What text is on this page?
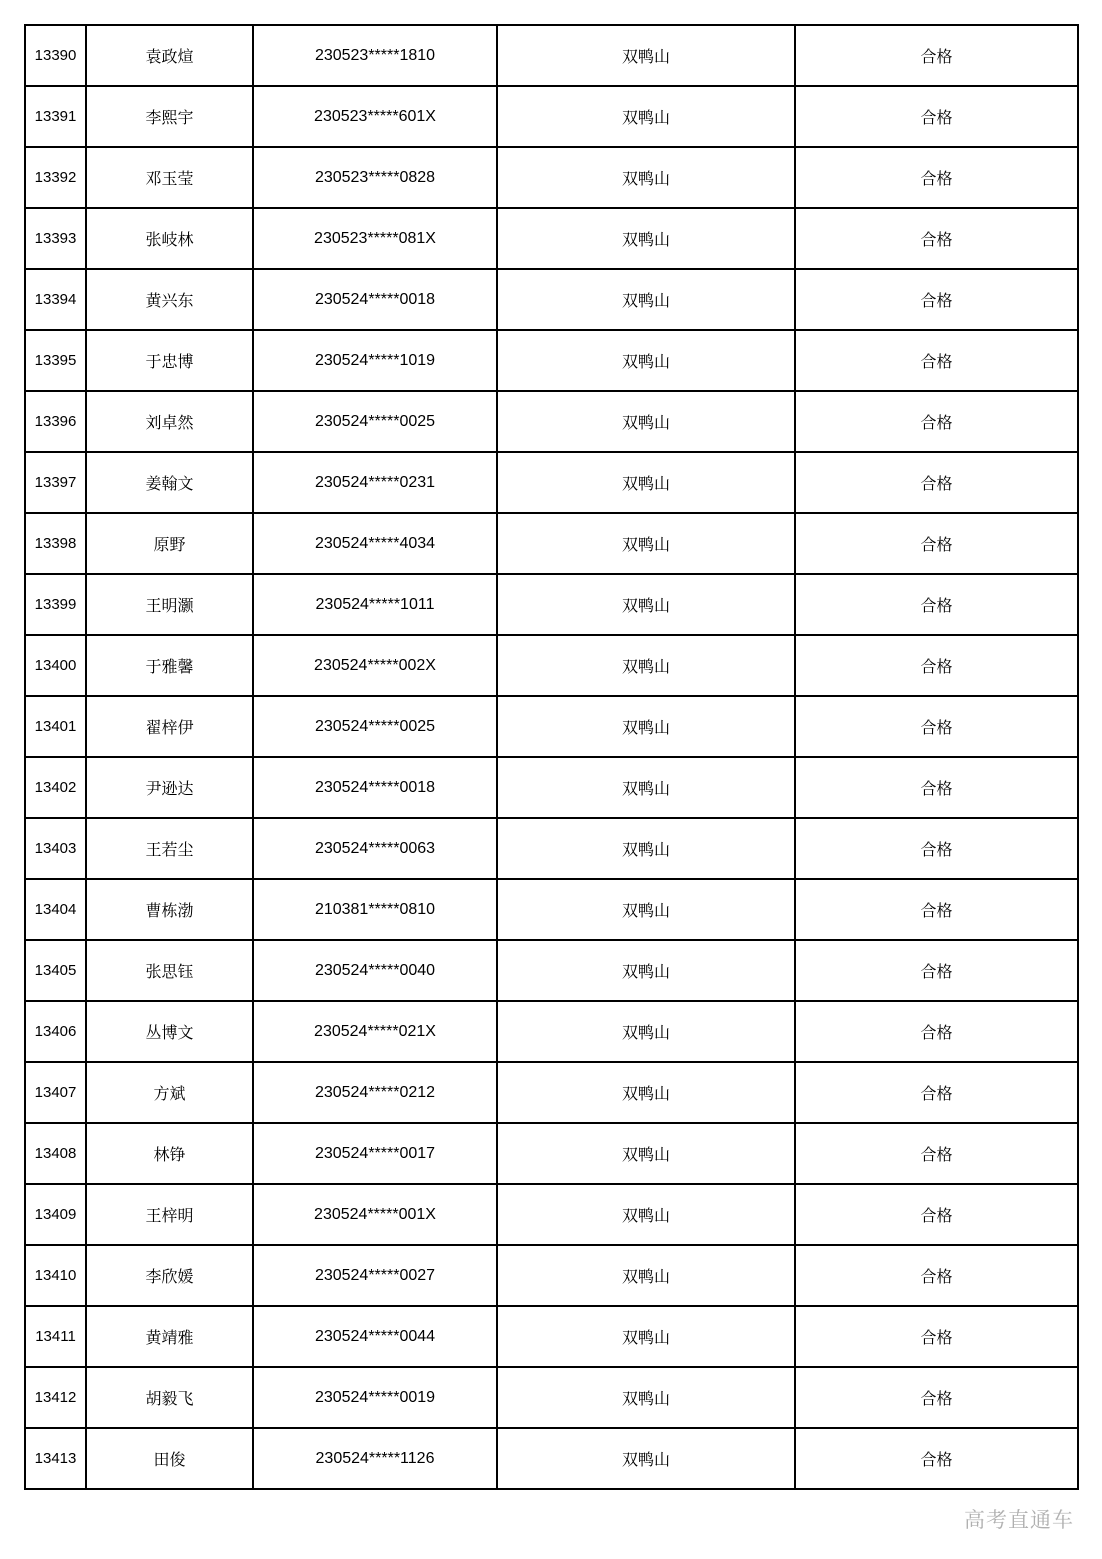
13390	袁政煊	230523*****1810	双鸭山	合格
13391	李熙宇	230523*****601X	双鸭山	合格
13392	邓玉莹	230523*****0828	双鸭山	合格
13393	张岐林	230523*****081X	双鸭山	合格
13394	黄兴东	230524*****0018	双鸭山	合格
13395	于忠博	230524*****1019	双鸭山	合格
13396	刘卓然	230524*****0025	双鸭山	合格
13397	姜翰文	230524*****0231	双鸭山	合格
13398	原野	230524*****4034	双鸭山	合格
13399	王明灏	230524*****1011	双鸭山	合格
13400	于雅馨	230524*****002X	双鸭山	合格
13401	翟梓伊	230524*****0025	双鸭山	合格
13402	尹逊达	230524*****0018	双鸭山	合格
13403	王若尘	230524*****0063	双鸭山	合格
13404	曹栋渤	210381*****0810	双鸭山	合格
13405	张思钰	230524*****0040	双鸭山	合格
13406	丛博文	230524*****021X	双鸭山	合格
13407	方斌	230524*****0212	双鸭山	合格
13408	林铮	230524*****0017	双鸭山	合格
13409	王梓明	230524*****001X	双鸭山	合格
13410	李欣媛	230524*****0027	双鸭山	合格
13411	黄靖雅	230524*****0044	双鸭山	合格
13412	胡毅飞	230524*****0019	双鸭山	合格
13413	田俊	230524*****1126	双鸭山	合格
高考直通车
